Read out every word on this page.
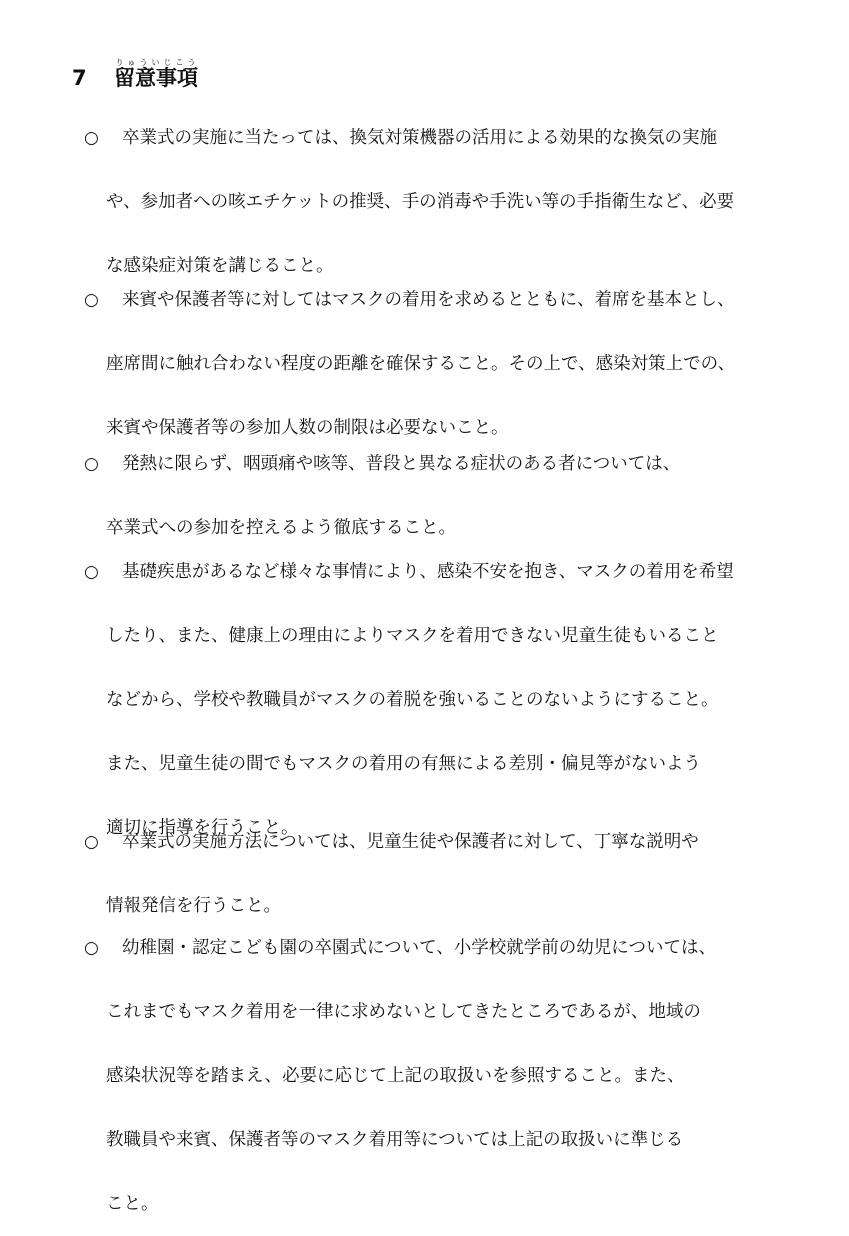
7 留意事項りゅういじこう
○ 卒業式の実施に当たっては、換気対策機器の活用による効果的な換気の実施
や、参加者への咳エチケットの推奨、手の消毒や手洗い等の手指衛生など、必要
な感染症対策を講じること。
○ 来賓や保護者等に対してはマスクの着用を求めるとともに、着席を基本とし、
座席間に触れ合わない程度の距離を確保すること。その上で、感染対策上での、
来賓や保護者等の参加人数の制限は必要ないこと。
○ 発熱に限らず、咽頭痛や咳等、普段と異なる症状のある者については、
卒業式への参加を控えるよう徹底すること。
○ 基礎疾患があるなど様々な事情により、感染不安を抱き、マスクの着用を希望
したり、また、健康上の理由によりマスクを着用できない児童生徒もいること
などから、学校や教職員がマスクの着脱を強いることのないようにすること。
また、児童生徒の間でもマスクの着用の有無による差別・偏見等がないよう
適切に指導を行うこと。
○ 卒業式の実施方法については、児童生徒や保護者に対して、丁寧な説明や
情報発信を行うこと。
○ 幼稚園・認定こども園の卒園式について、小学校就学前の幼児については、
これまでもマスク着用を一律に求めないとしてきたところであるが、地域の
感染状況等を踏まえ、必要に応じて上記の取扱いを参照すること。また、
教職員や来賓、保護者等のマスク着用等については上記の取扱いに準じる
こと。
